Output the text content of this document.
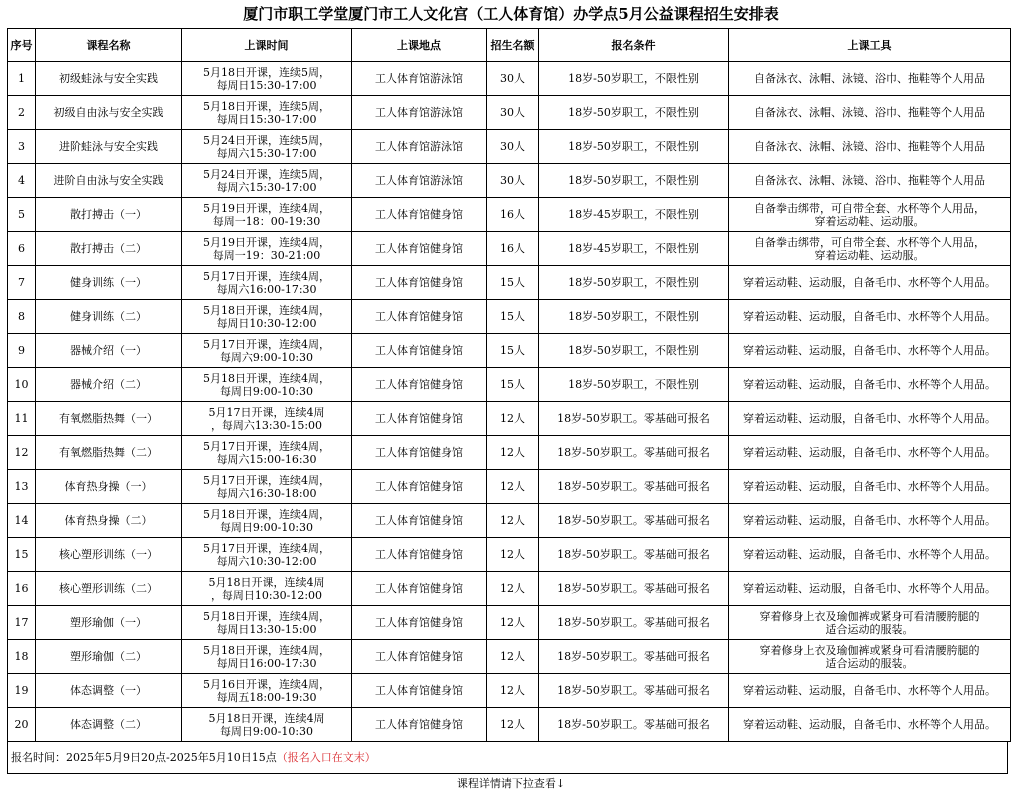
厦门市职工学堂厦门市工人文化宫（工人体育馆）办学点5月公益课程招生安排表
序号	课程名称	上课时间	上课地点	招生名额	报名条件	上课工具
1	初级蛙泳与安全实践	5月18日开课，连续5周，
每周日15:30-17:00	工人体育馆游泳馆	30人	18岁-50岁职工，不限性别	自备泳衣、泳帽、泳镜、浴巾、拖鞋等个人用品
2	初级自由泳与安全实践	5月18日开课，连续5周，
每周日15:30-17:00	工人体育馆游泳馆	30人	18岁-50岁职工，不限性别	自备泳衣、泳帽、泳镜、浴巾、拖鞋等个人用品
3	进阶蛙泳与安全实践	5月24日开课，连续5周，
每周六15:30-17:00	工人体育馆游泳馆	30人	18岁-50岁职工，不限性别	自备泳衣、泳帽、泳镜、浴巾、拖鞋等个人用品
4	进阶自由泳与安全实践	5月24日开课，连续5周，
每周六15:30-17:00	工人体育馆游泳馆	30人	18岁-50岁职工，不限性别	自备泳衣、泳帽、泳镜、浴巾、拖鞋等个人用品
5	散打搏击（一）	5月19日开课，连续4周，
每周一18：00-19:30	工人体育馆健身馆	16人	18岁-45岁职工，不限性别	自备拳击绑带，可自带全套、水杯等个人用品，
穿着运动鞋、运动服。
6	散打搏击（二）	5月19日开课，连续4周，
每周一19：30-21:00	工人体育馆健身馆	16人	18岁-45岁职工，不限性别	自备拳击绑带，可自带全套、水杯等个人用品，
穿着运动鞋、运动服。
7	健身训练（一）	5月17日开课，连续4周，
每周六16:00-17:30	工人体育馆健身馆	15人	18岁-50岁职工，不限性别	穿着运动鞋、运动服，自备毛巾、水杯等个人用品。
8	健身训练（二）	5月18日开课，连续4周，
每周日10:30-12:00	工人体育馆健身馆	15人	18岁-50岁职工，不限性别	穿着运动鞋、运动服，自备毛巾、水杯等个人用品。
9	器械介绍（一）	5月17日开课，连续4周，
每周六9:00-10:30	工人体育馆健身馆	15人	18岁-50岁职工，不限性别	穿着运动鞋、运动服，自备毛巾、水杯等个人用品。
10	器械介绍（二）	5月18日开课，连续4周，
每周日9:00-10:30	工人体育馆健身馆	15人	18岁-50岁职工，不限性别	穿着运动鞋、运动服，自备毛巾、水杯等个人用品。
11	有氧燃脂热舞（一）	5月17日开课，连续4周
，每周六13:30-15:00	工人体育馆健身馆	12人	18岁-50岁职工。零基础可报名	穿着运动鞋、运动服，自备毛巾、水杯等个人用品。
12	有氧燃脂热舞（二）	5月17日开课，连续4周，
每周六15:00-16:30	工人体育馆健身馆	12人	18岁-50岁职工。零基础可报名	穿着运动鞋、运动服，自备毛巾、水杯等个人用品。
13	体育热身操（一）	5月17日开课，连续4周，
每周六16:30-18:00	工人体育馆健身馆	12人	18岁-50岁职工。零基础可报名	穿着运动鞋、运动服，自备毛巾、水杯等个人用品。
14	体育热身操（二）	5月18日开课，连续4周，
每周日9:00-10:30	工人体育馆健身馆	12人	18岁-50岁职工。零基础可报名	穿着运动鞋、运动服，自备毛巾、水杯等个人用品。
15	核心塑形训练（一）	5月17日开课，连续4周，
每周六10:30-12:00	工人体育馆健身馆	12人	18岁-50岁职工。零基础可报名	穿着运动鞋、运动服，自备毛巾、水杯等个人用品。
16	核心塑形训练（二）	5月18日开课，连续4周
，每周日10:30-12:00	工人体育馆健身馆	12人	18岁-50岁职工。零基础可报名	穿着运动鞋、运动服，自备毛巾、水杯等个人用品。
17	塑形瑜伽（一）	5月18日开课，连续4周，
每周日13:30-15:00	工人体育馆健身馆	12人	18岁-50岁职工。零基础可报名	穿着修身上衣及瑜伽裤或紧身可看清腰胯腿的
适合运动的服装。
18	塑形瑜伽（二）	5月18日开课，连续4周，
每周日16:00-17:30	工人体育馆健身馆	12人	18岁-50岁职工。零基础可报名	穿着修身上衣及瑜伽裤或紧身可看清腰胯腿的
适合运动的服装。
19	体态调整（一）	5月16日开课，连续4周，
每周五18:00-19:30	工人体育馆健身馆	12人	18岁-50岁职工。零基础可报名	穿着运动鞋、运动服，自备毛巾、水杯等个人用品。
20	体态调整（二）	5月18日开课，连续4周
每周日9:00-10:30	工人体育馆健身馆	12人	18岁-50岁职工。零基础可报名	穿着运动鞋、运动服，自备毛巾、水杯等个人用品。
报名时间：2025年5月9日20点-2025年5月10日15点（报名入口在文末）
课程详情请下拉查看↓
